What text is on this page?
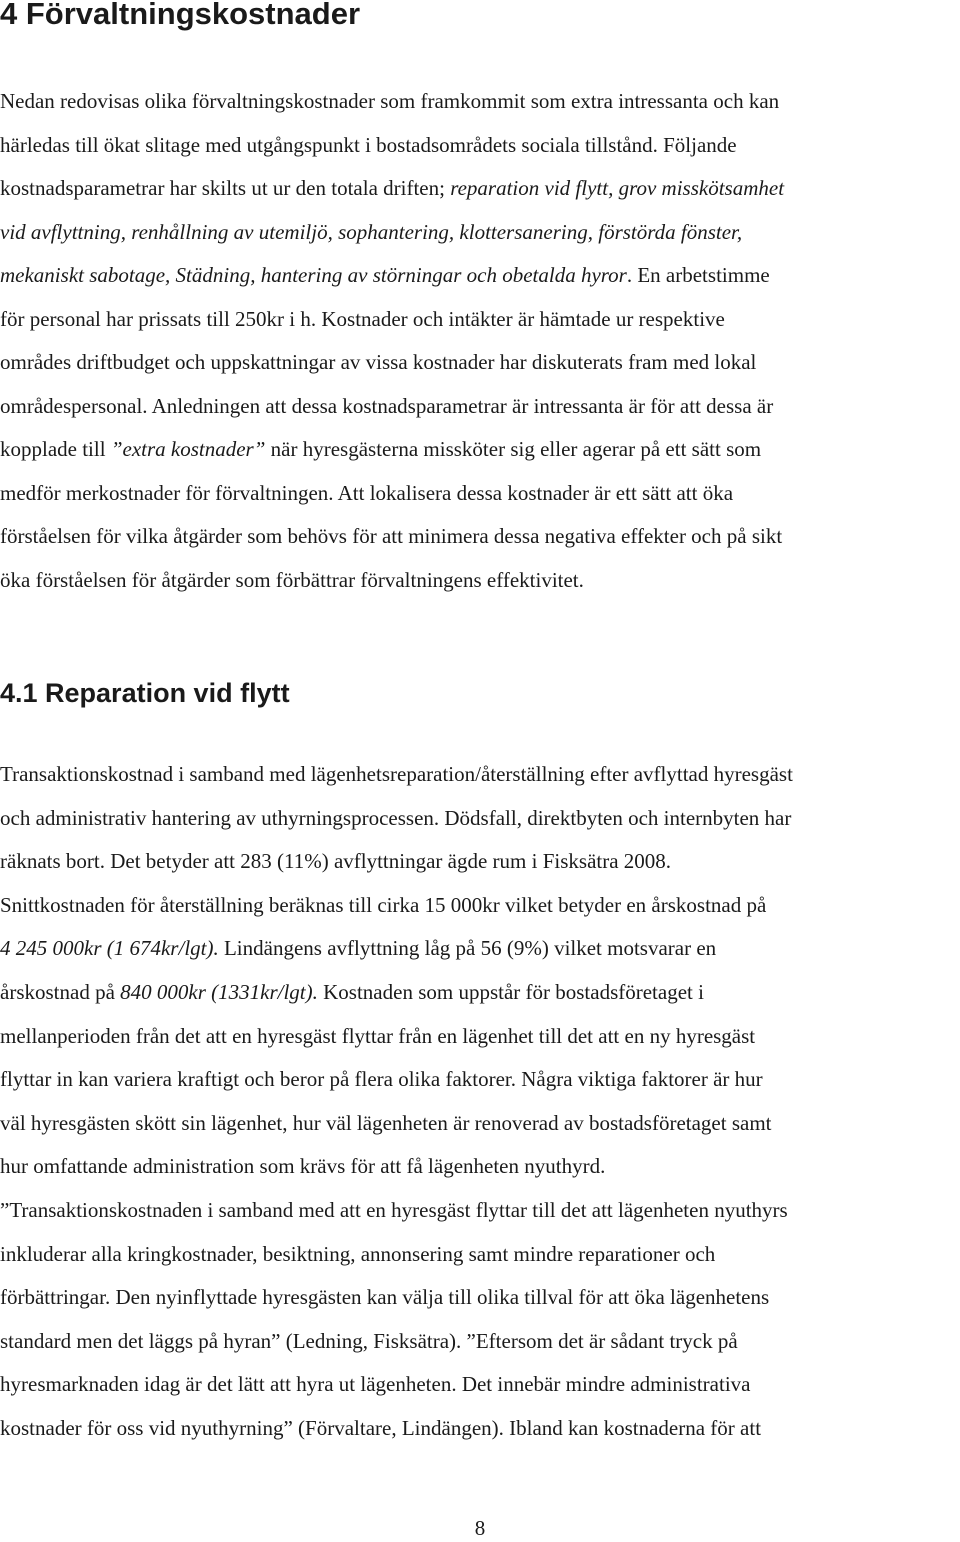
4 Förvaltningskostnader
Nedan redovisas olika förvaltningskostnader som framkommit som extra intressanta och kan
härledas till ökat slitage med utgångspunkt i bostadsområdets sociala tillstånd. Följande
kostnadsparametrar har skilts ut ur den totala driften; reparation vid flytt, grov misskötsamhet
vid avflyttning, renhållning av utemiljö, sophantering, klottersanering, förstörda fönster,
mekaniskt sabotage, Städning, hantering av störningar och obetalda hyror. En arbetstimme
för personal har prissats till 250kr i h. Kostnader och intäkter är hämtade ur respektive
områdes driftbudget och uppskattningar av vissa kostnader har diskuterats fram med lokal
områdespersonal. Anledningen att dessa kostnadsparametrar är intressanta är för att dessa är
kopplade till ”extra kostnader” när hyresgästerna missköter sig eller agerar på ett sätt som
medför merkostnader för förvaltningen. Att lokalisera dessa kostnader är ett sätt att öka
förståelsen för vilka åtgärder som behövs för att minimera dessa negativa effekter och på sikt
öka förståelsen för åtgärder som förbättrar förvaltningens effektivitet.
4.1 Reparation vid flytt
Transaktionskostnad i samband med lägenhetsreparation/återställning efter avflyttad hyresgäst
och administrativ hantering av uthyrningsprocessen. Dödsfall, direktbyten och internbyten har
räknats bort. Det betyder att 283 (11%) avflyttningar ägde rum i Fisksätra 2008.
Snittkostnaden för återställning beräknas till cirka 15 000kr vilket betyder en årskostnad på
4 245 000kr (1 674kr/lgt). Lindängens avflyttning låg på 56 (9%) vilket motsvarar en
årskostnad på 840 000kr (1331kr/lgt). Kostnaden som uppstår för bostadsföretaget i
mellanperioden från det att en hyresgäst flyttar från en lägenhet till det att en ny hyresgäst
flyttar in kan variera kraftigt och beror på flera olika faktorer. Några viktiga faktorer är hur
väl hyresgästen skött sin lägenhet, hur väl lägenheten är renoverad av bostadsföretaget samt
hur omfattande administration som krävs för att få lägenheten nyuthyrd.
”Transaktionskostnaden i samband med att en hyresgäst flyttar till det att lägenheten nyuthyrs
inkluderar alla kringkostnader, besiktning, annonsering samt mindre reparationer och
förbättringar. Den nyinflyttade hyresgästen kan välja till olika tillval för att öka lägenhetens
standard men det läggs på hyran” (Ledning, Fisksätra). ”Eftersom det är sådant tryck på
hyresmarknaden idag är det lätt att hyra ut lägenheten. Det innebär mindre administrativa
kostnader för oss vid nyuthyrning” (Förvaltare, Lindängen). Ibland kan kostnaderna för att
8
